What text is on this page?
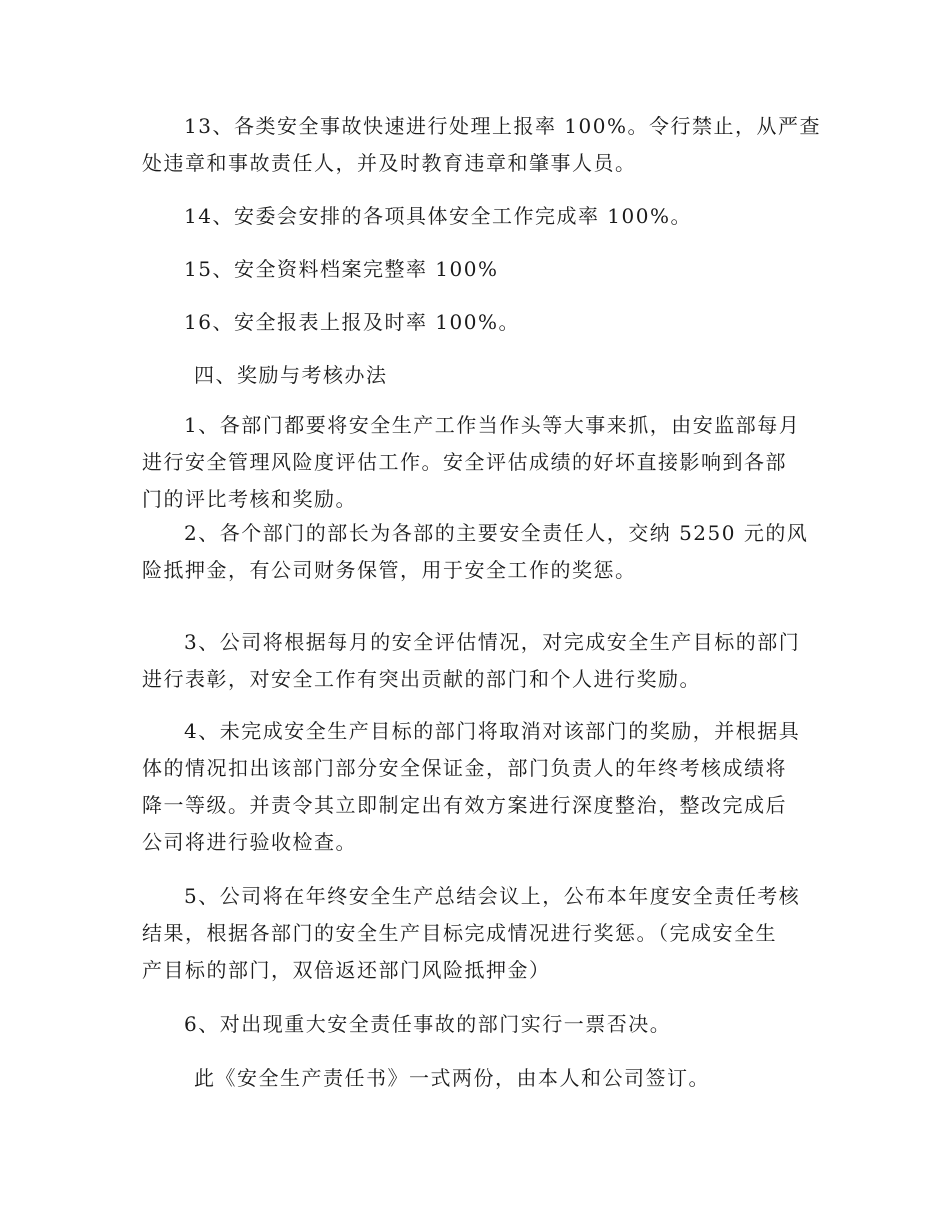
13、各类安全事故快速进行处理上报率 100%。令行禁止，从严查
处违章和事故责任人，并及时教育违章和肇事人员。
14、安委会安排的各项具体安全工作完成率 100%。
15、安全资料档案完整率 100%
16、安全报表上报及时率 100%。
四、奖励与考核办法
1、各部门都要将安全生产工作当作头等大事来抓，由安监部每月
进行安全管理风险度评估工作。安全评估成绩的好坏直接影响到各部
门的评比考核和奖励。
2、各个部门的部长为各部的主要安全责任人，交纳 5250 元的风
险抵押金，有公司财务保管，用于安全工作的奖惩。
3、公司将根据每月的安全评估情况，对完成安全生产目标的部门
进行表彰，对安全工作有突出贡献的部门和个人进行奖励。
4、未完成安全生产目标的部门将取消对该部门的奖励，并根据具
体的情况扣出该部门部分安全保证金，部门负责人的年终考核成绩将
降一等级。并责令其立即制定出有效方案进行深度整治，整改完成后
公司将进行验收检查。
5、公司将在年终安全生产总结会议上，公布本年度安全责任考核
结果，根据各部门的安全生产目标完成情况进行奖惩。（完成安全生
产目标的部门，双倍返还部门风险抵押金）
6、对出现重大安全责任事故的部门实行一票否决。
此《安全生产责任书》一式两份，由本人和公司签订。
